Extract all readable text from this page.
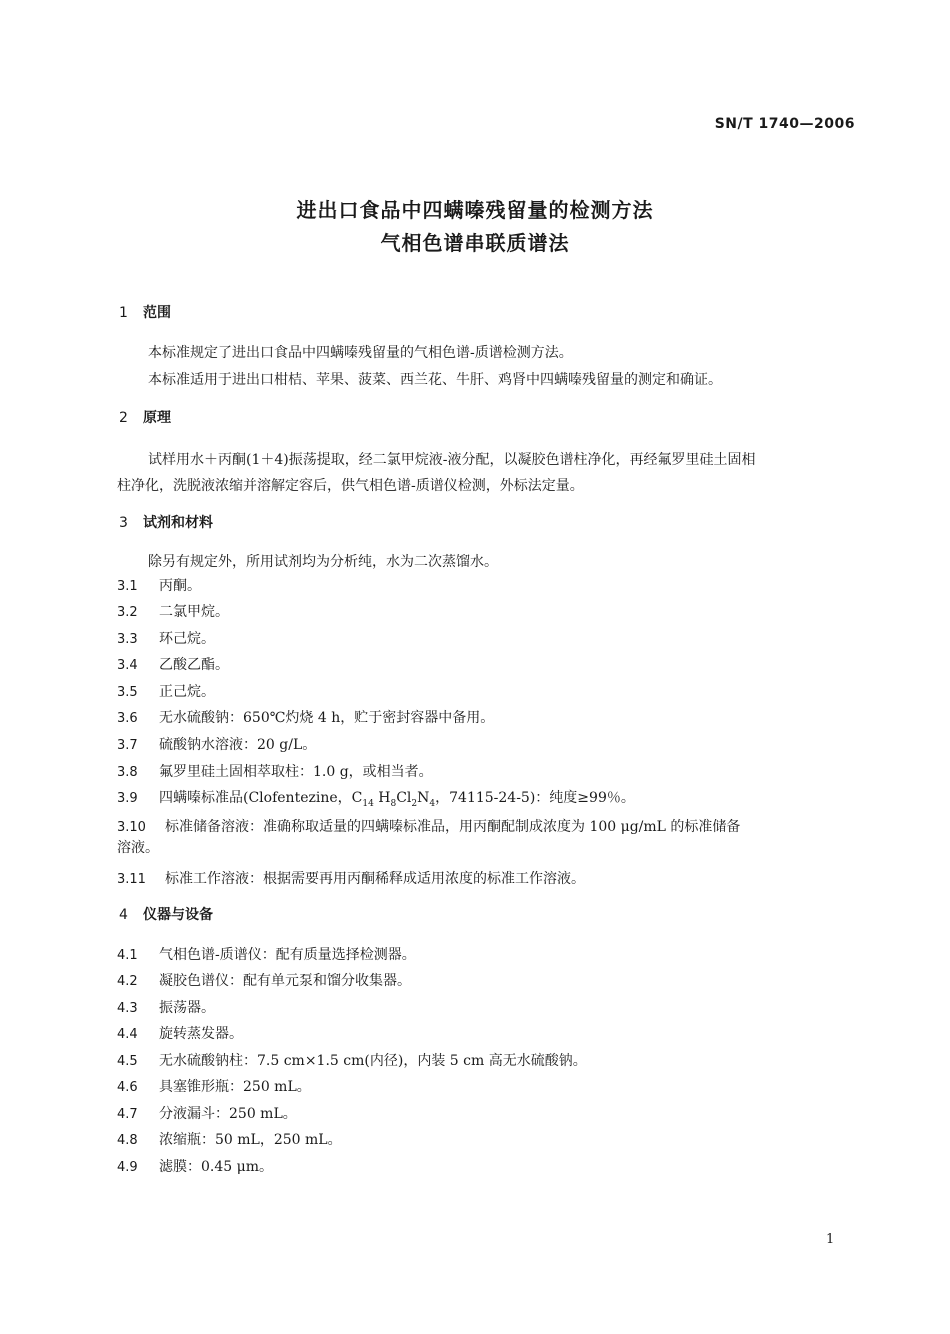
SN/T 1740—2006
进出口食品中四螨嗪残留量的检测方法
气相色谱串联质谱法
1 范围
本标准规定了进出口食品中四螨嗪残留量的气相色谱-质谱检测方法。
本标准适用于进出口柑桔、苹果、菠菜、西兰花、牛肝、鸡肾中四螨嗪残留量的测定和确证。
2 原理
试样用水＋丙酮(1＋4)振荡提取，经二氯甲烷液-液分配，以凝胶色谱柱净化，再经氟罗里硅土固相
柱净化，洗脱液浓缩并溶解定容后，供气相色谱-质谱仪检测，外标法定量。
3 试剂和材料
除另有规定外，所用试剂均为分析纯，水为二次蒸馏水。
3.1 丙酮。
3.2 二氯甲烷。
3.3 环己烷。
3.4 乙酸乙酯。
3.5 正己烷。
3.6 无水硫酸钠：650℃灼烧 4 h，贮于密封容器中备用。
3.7 硫酸钠水溶液：20 g/L。
3.8 氟罗里硅土固相萃取柱：1.0 g，或相当者。
3.9 四螨嗪标准品(Clofentezine，$C_{14}$ $H_8Cl_2N_4$，74115-24-5)：纯度≥99％。
3.10 标准储备溶液：准确称取适量的四螨嗪标准品，用丙酮配制成浓度为 100 μg/mL 的标准储备
溶液。
3.11 标准工作溶液：根据需要再用丙酮稀释成适用浓度的标准工作溶液。
4 仪器与设备
4.1 气相色谱-质谱仪：配有质量选择检测器。
4.2 凝胶色谱仪：配有单元泵和馏分收集器。
4.3 振荡器。
4.4 旋转蒸发器。
4.5 无水硫酸钠柱：7.5 cm×1.5 cm(内径)，内装 5 cm 高无水硫酸钠。
4.6 具塞锥形瓶：250 mL。
4.7 分液漏斗：250 mL。
4.8 浓缩瓶：50 mL，250 mL。
4.9 滤膜：0.45 μm。
1
